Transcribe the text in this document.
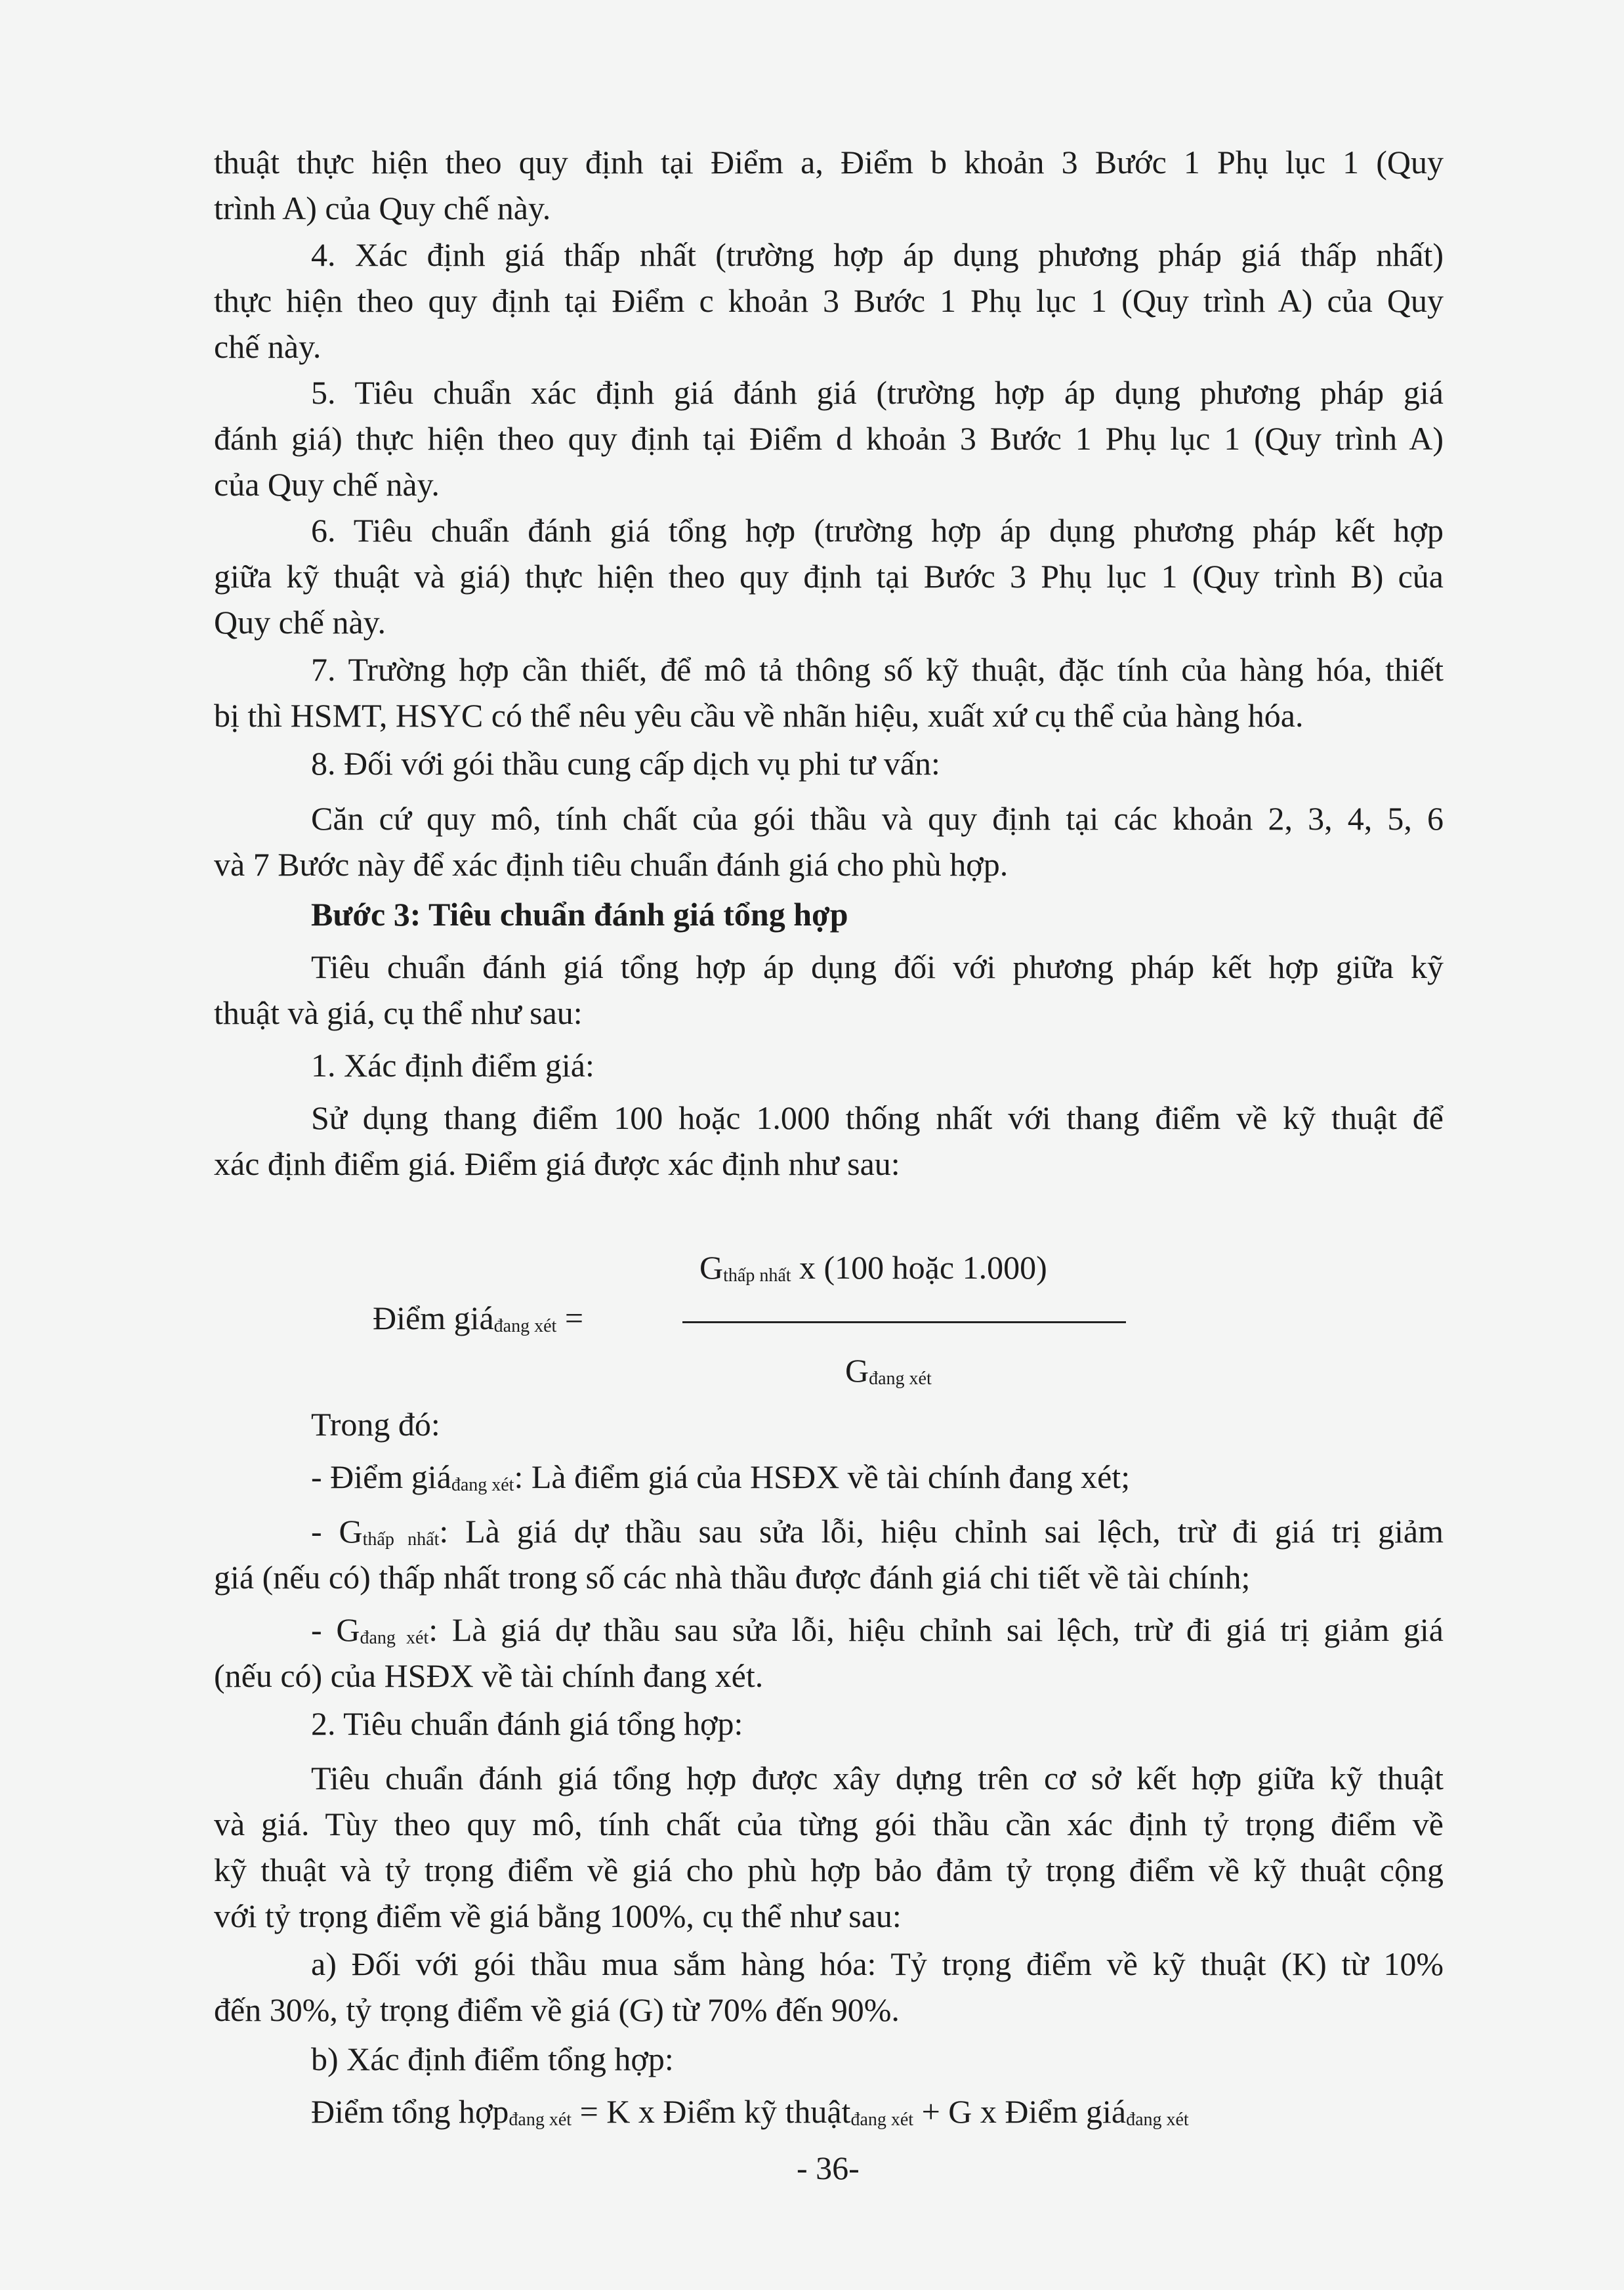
thuật thực hiện theo quy định tại Điểm a, Điểm b khoản 3 Bước 1 Phụ lục 1 (Quy
trình A) của Quy chế này.
4. Xác định giá thấp nhất (trường hợp áp dụng phương pháp giá thấp nhất)
thực hiện theo quy định tại Điểm c khoản 3 Bước 1 Phụ lục 1 (Quy trình A) của Quy
chế này.
5. Tiêu chuẩn xác định giá đánh giá (trường hợp áp dụng phương pháp giá
đánh giá) thực hiện theo quy định tại Điểm d khoản 3 Bước 1 Phụ lục 1 (Quy trình A)
của Quy chế này.
6. Tiêu chuẩn đánh giá tổng hợp (trường hợp áp dụng phương pháp kết hợp
giữa kỹ thuật và giá) thực hiện theo quy định tại Bước 3 Phụ lục 1 (Quy trình B) của
Quy chế này.
7. Trường hợp cần thiết, để mô tả thông số kỹ thuật, đặc tính của hàng hóa, thiết
bị thì HSMT, HSYC có thể nêu yêu cầu về nhãn hiệu, xuất xứ cụ thể của hàng hóa.
8. Đối với gói thầu cung cấp dịch vụ phi tư vấn:
Căn cứ quy mô, tính chất của gói thầu và quy định tại các khoản 2, 3, 4, 5, 6
và 7 Bước này để xác định tiêu chuẩn đánh giá cho phù hợp.
Bước 3: Tiêu chuẩn đánh giá tổng hợp
Tiêu chuẩn đánh giá tổng hợp áp dụng đối với phương pháp kết hợp giữa kỹ
thuật và giá, cụ thể như sau:
1. Xác định điểm giá:
Sử dụng thang điểm 100 hoặc 1.000 thống nhất với thang điểm về kỹ thuật để
xác định điểm giá. Điểm giá được xác định như sau:
Gthấp nhất x (100 hoặc 1.000)
Điểm giáđang xét =
Gđang xét
Trong đó:
- Điểm giáđang xét: Là điểm giá của HSĐX về tài chính đang xét;
- Gthấp nhất: Là giá dự thầu sau sửa lỗi, hiệu chỉnh sai lệch, trừ đi giá trị giảm
giá (nếu có) thấp nhất trong số các nhà thầu được đánh giá chi tiết về tài chính;
- Gđang xét: Là giá dự thầu sau sửa lỗi, hiệu chỉnh sai lệch, trừ đi giá trị giảm giá
(nếu có) của HSĐX về tài chính đang xét.
2. Tiêu chuẩn đánh giá tổng hợp:
Tiêu chuẩn đánh giá tổng hợp được xây dựng trên cơ sở kết hợp giữa kỹ thuật
và giá. Tùy theo quy mô, tính chất của từng gói thầu cần xác định tỷ trọng điểm về
kỹ thuật và tỷ trọng điểm về giá cho phù hợp bảo đảm tỷ trọng điểm về kỹ thuật cộng
với tỷ trọng điểm về giá bằng 100%, cụ thể như sau:
a) Đối với gói thầu mua sắm hàng hóa: Tỷ trọng điểm về kỹ thuật (K) từ 10%
đến 30%, tỷ trọng điểm về giá (G) từ 70% đến 90%.
b) Xác định điểm tổng hợp:
Điểm tổng hợpđang xét = K x Điểm kỹ thuậtđang xét + G x Điểm giáđang xét
- 36-
